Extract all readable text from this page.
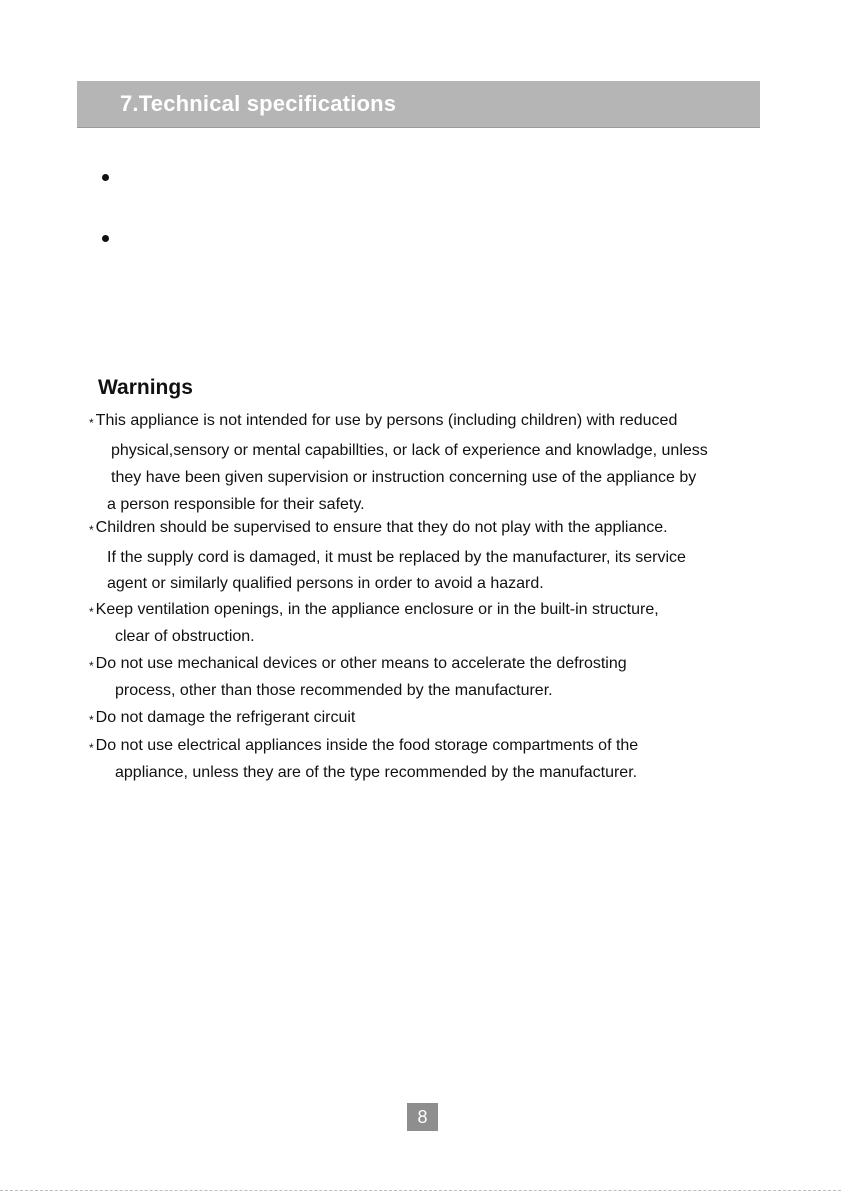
7.Technical specifications
Warnings
* This appliance is not intended for use by persons (including children) with reduced
physical,sensory or mental capabillties, or lack of experience and knowladge, unless
they have been given supervision or instruction concerning use of the appliance by
a person responsible for their safety.
* Children should be supervised to ensure that they do not play with the appliance.
If the supply cord is damaged, it must be replaced by the manufacturer, its service
agent or similarly qualified persons in order to avoid a hazard.
* Keep ventilation openings, in the appliance enclosure or in the built-in structure,
clear of obstruction.
* Do not use mechanical devices or other means to accelerate the defrosting
process, other than those recommended by the manufacturer.
* Do not damage the refrigerant circuit
* Do not use electrical appliances inside the food storage compartments of the
appliance, unless they are of the type recommended by the manufacturer.
8
